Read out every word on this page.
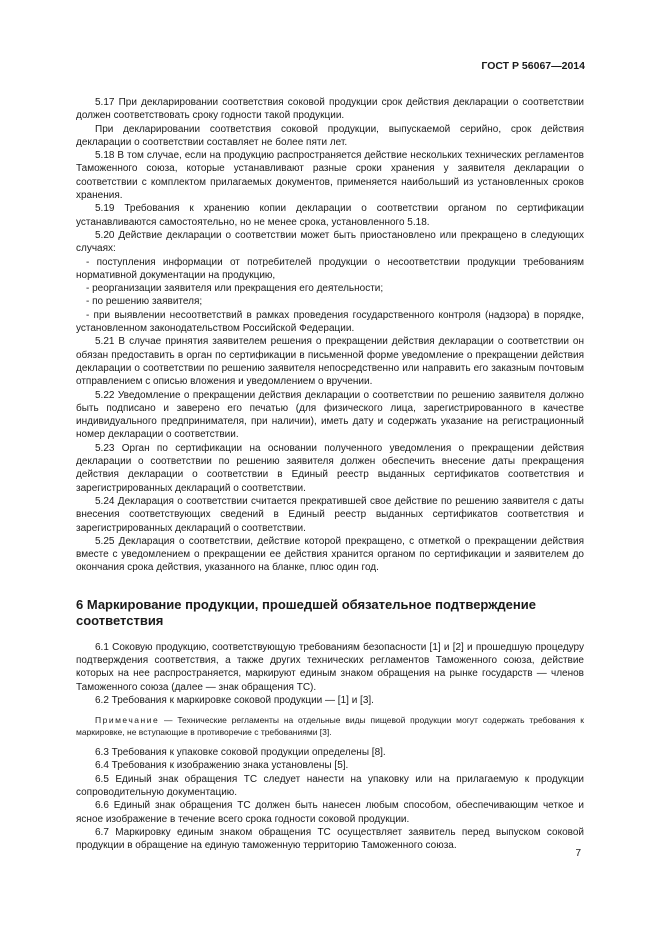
ГОСТ Р 56067—2014

5.17 При декларировании соответствия соковой продукции срок действия декларации о соответствии должен соответствовать сроку годности такой продукции.

При декларировании соответствия соковой продукции, выпускаемой серийно, срок действия декларации о соответствии составляет не более пяти лет.

5.18 В том случае, если на продукцию распространяется действие нескольких технических регламентов Таможенного союза, которые устанавливают разные сроки хранения у заявителя декларации о соответствии с комплектом прилагаемых документов, применяется наибольший из установленных сроков хранения.

5.19 Требования к хранению копии декларации о соответствии органом по сертификации устанавливаются самостоятельно, но не менее срока, установленного 5.18.

5.20 Действие декларации о соответствии может быть приостановлено или прекращено в следующих случаях:

- поступления информации от потребителей продукции о несоответствии продукции требованиям нормативной документации на продукцию,

- реорганизации заявителя или прекращения его деятельности;

- по решению заявителя;

- при выявлении несоответствий в рамках проведения государственного контроля (надзора) в порядке, установленном законодательством Российской Федерации.

5.21 В случае принятия заявителем решения о прекращении действия декларации о соответствии он обязан предоставить в орган по сертификации в письменной форме уведомление о прекращении действия декларации о соответствии по решению заявителя непосредственно или направить его заказным почтовым отправлением с описью вложения и уведомлением о вручении.

5.22 Уведомление о прекращении действия декларации о соответствии по решению заявителя должно быть подписано и заверено его печатью (для физического лица, зарегистрированного в качестве индивидуального предпринимателя, при наличии), иметь дату и содержать указание на регистрационный номер декларации о соответствии.

5.23 Орган по сертификации на основании полученного уведомления о прекращении действия декларации о соответствии по решению заявителя должен обеспечить внесение даты прекращения действия декларации о соответствии в Единый реестр выданных сертификатов соответствия и зарегистрированных деклараций о соответствии.

5.24 Декларация о соответствии считается прекратившей свое действие по решению заявителя с даты внесения соответствующих сведений в Единый реестр выданных сертификатов соответствия и зарегистрированных деклараций о соответствии.

5.25 Декларация о соответствии, действие которой прекращено, с отметкой о прекращении действия вместе с уведомлением о прекращении ее действия хранится органом по сертификации и заявителем до окончания срока действия, указанного на бланке, плюс один год.

6 Маркирование продукции, прошедшей обязательное подтверждение соответствия

6.1 Соковую продукцию, соответствующую требованиям безопасности [1] и [2] и прошедшую процедуру подтверждения соответствия, а также других технических регламентов Таможенного союза, действие которых на нее распространяется, маркируют единым знаком обращения на рынке государств — членов Таможенного союза (далее — знак обращения ТС).

6.2 Требования к маркировке соковой продукции — [1] и [3].

Примечание — Технические регламенты на отдельные виды пищевой продукции могут содержать требования к маркировке, не вступающие в противоречие с требованиями [3].

6.3 Требования к упаковке соковой продукции определены [8].

6.4 Требования к изображению знака установлены [5].

6.5 Единый знак обращения ТС следует нанести на упаковку или на прилагаемую к продукции сопроводительную документацию.

6.6 Единый знак обращения ТС должен быть нанесен любым способом, обеспечивающим четкое и ясное изображение в течение всего срока годности соковой продукции.

6.7 Маркировку единым знаком обращения ТС осуществляет заявитель перед выпуском соковой продукции в обращение на единую таможенную территорию Таможенного союза.

7
